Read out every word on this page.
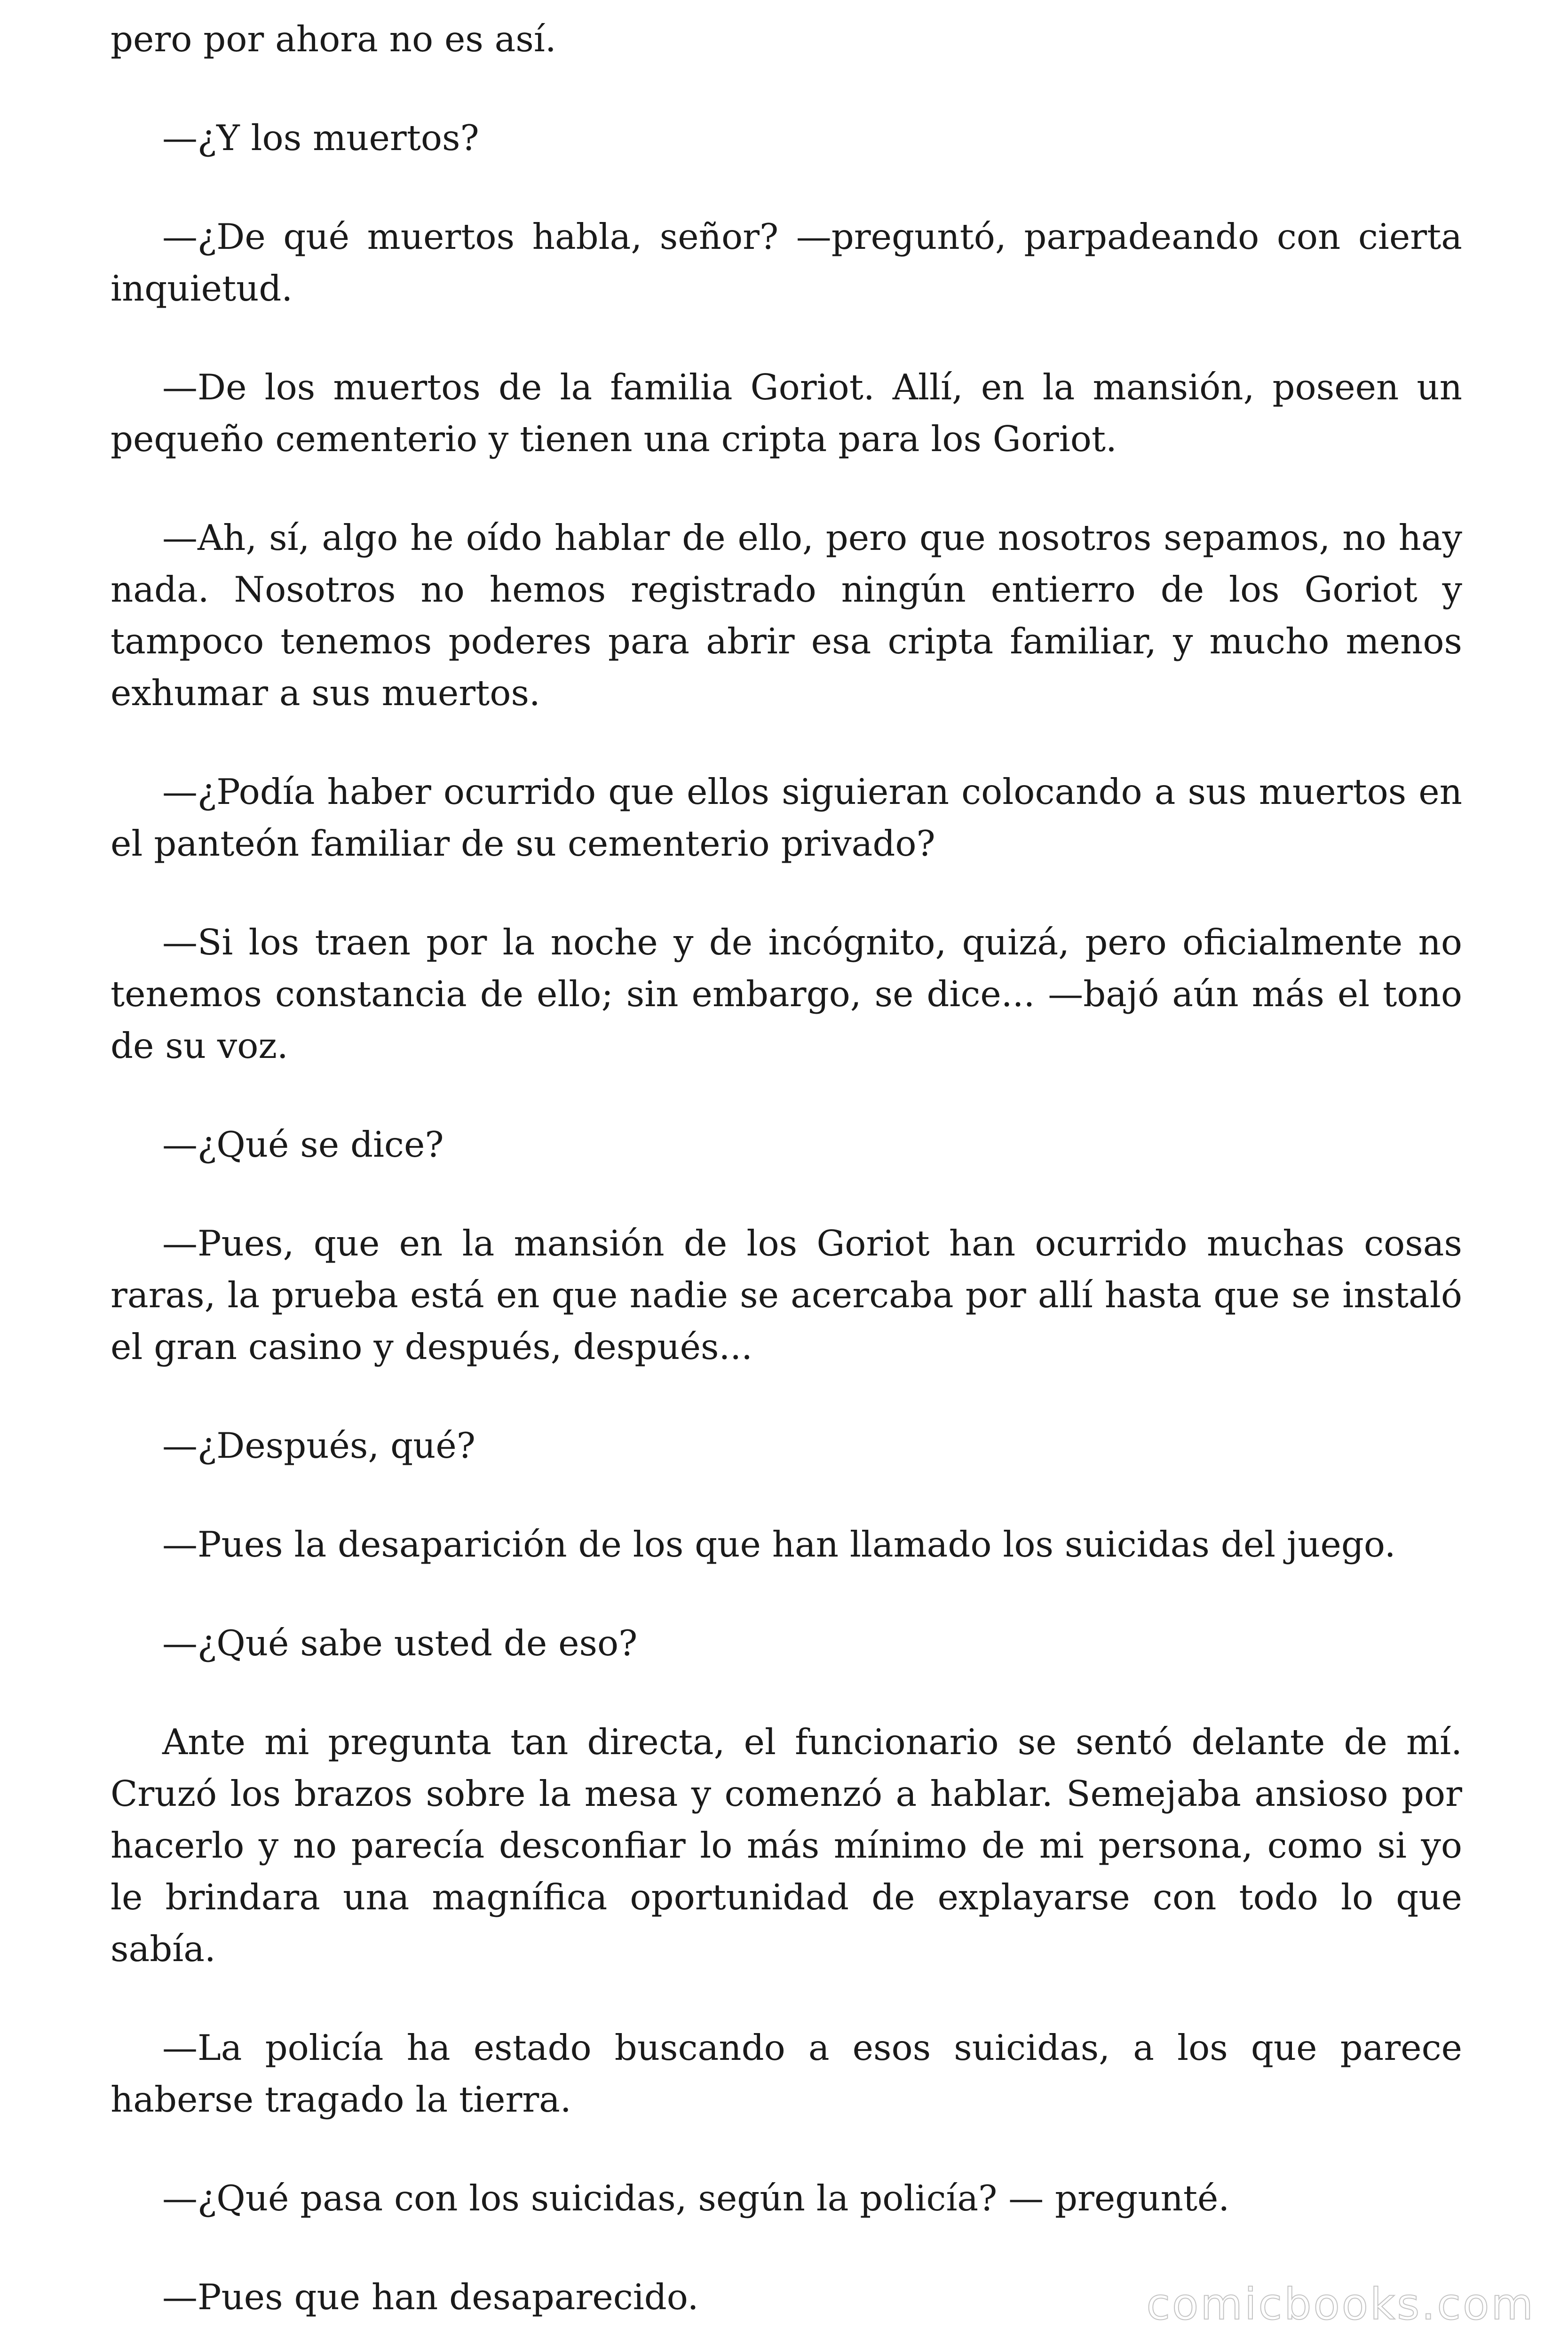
pero por ahora no es así.

—¿Y los muertos?

—¿De qué muertos habla, señor? —preguntó, parpadeando con cierta inquietud.

—De los muertos de la familia Goriot. Allí, en la mansión, poseen un pequeño cementerio y tienen una cripta para los Goriot.

—Ah, sí, algo he oído hablar de ello, pero que nosotros sepamos, no hay nada. Nosotros no hemos registrado ningún entierro de los Goriot y tampoco tenemos poderes para abrir esa cripta familiar, y mucho menos exhumar a sus muertos.

—¿Podía haber ocurrido que ellos siguieran colocando a sus muertos en el panteón familiar de su cementerio privado?

—Si los traen por la noche y de incógnito, quizá, pero oficialmente no tenemos constancia de ello; sin embargo, se dice... —bajó aún más el tono de su voz.

—¿Qué se dice?

—Pues, que en la mansión de los Goriot han ocurrido muchas cosas raras, la prueba está en que nadie se acercaba por allí hasta que se instaló el gran casino y después, después...

—¿Después, qué?

—Pues la desaparición de los que han llamado los suicidas del juego.

—¿Qué sabe usted de eso?

Ante mi pregunta tan directa, el funcionario se sentó delante de mí. Cruzó los brazos sobre la mesa y comenzó a hablar. Semejaba ansioso por hacerlo y no parecía desconfiar lo más mínimo de mi persona, como si yo le brindara una magnífica oportunidad de explayarse con todo lo que sabía.

—La policía ha estado buscando a esos suicidas, a los que parece haberse tragado la tierra.

—¿Qué pasa con los suicidas, según la policía? — pregunté.

—Pues que han desaparecido.	comicbooks.com
